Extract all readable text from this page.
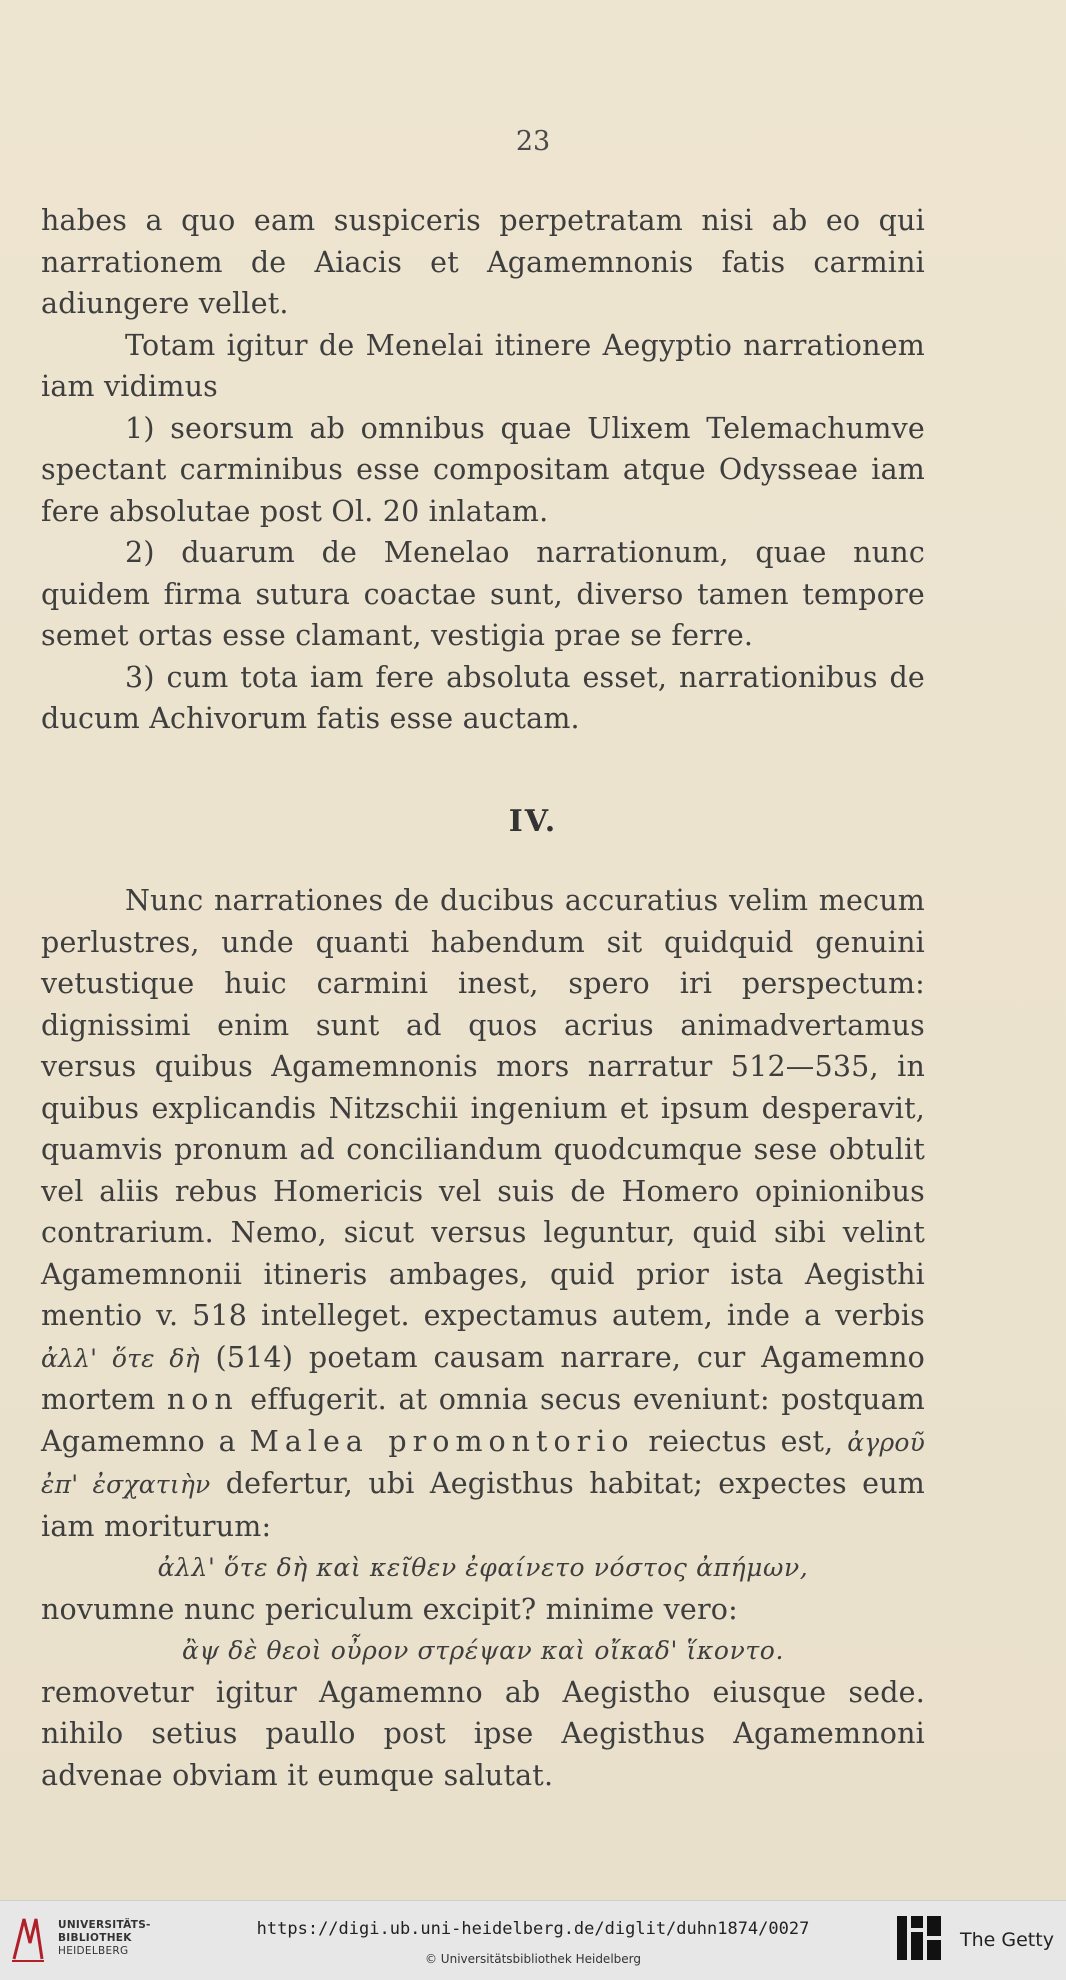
23

habes a quo eam suspiceris perpetratam nisi ab eo qui narrationem de Aiacis et Agamemnonis fatis carmini adiungere vellet.

Totam igitur de Menelai itinere Aegyptio narrationem iam vidimus

1) seorsum ab omnibus quae Ulixem Telemachumve spectant carminibus esse compositam atque Odysseae iam fere absolutae post Ol. 20 inlatam.

2) duarum de Menelao narrationum, quae nunc quidem firma sutura coactae sunt, diverso tamen tempore semet ortas esse clamant, vestigia prae se ferre.

3) cum tota iam fere absoluta esset, narrationibus de ducum Achivorum fatis esse auctam.

IV.

Nunc narrationes de ducibus accuratius velim mecum perlustres, unde quanti habendum sit quidquid genuini vetustique huic carmini inest, spero iri perspectum: dignissimi enim sunt ad quos acrius animadvertamus versus quibus Agamemnonis mors narratur 512—535, in quibus explicandis Nitzschii ingenium et ipsum desperavit, quamvis pronum ad conciliandum quodcumque sese obtulit vel aliis rebus Homericis vel suis de Homero opinionibus contrarium. Nemo, sicut versus leguntur, quid sibi velint Agamemnonii itineris ambages, quid prior ista Aegisthi mentio v. 518 intelleget. expectamus autem, inde a verbis ἀλλ' ὅτε δὴ (514) poetam causam narrare, cur Agamemno mortem non effugerit. at omnia secus eveniunt: postquam Agamemno a Malea promontorio reiectus est, ἀγροῦ ἐπ' ἐσχατιὴν defertur, ubi Aegisthus habitat; expectes eum iam moriturum:

ἀλλ' ὅτε δὴ καὶ κεῖθεν ἐφαίνετο νόστος ἀπήμων,

novumne nunc periculum excipit? minime vero:

ἂψ δὲ θεοὶ οὖρον στρέψαν καὶ οἴκαδ' ἵκοντο.

removetur igitur Agamemno ab Aegistho eiusque sede. nihilo setius paullo post ipse Aegisthus Agamemnoni advenae obviam it eumque salutat.

UNIVERSITÄTS-
BIBLIOTHEK
HEIDELBERG
https://digi.ub.uni-heidelberg.de/diglit/duhn1874/0027
© Universitätsbibliothek Heidelberg
The Getty
